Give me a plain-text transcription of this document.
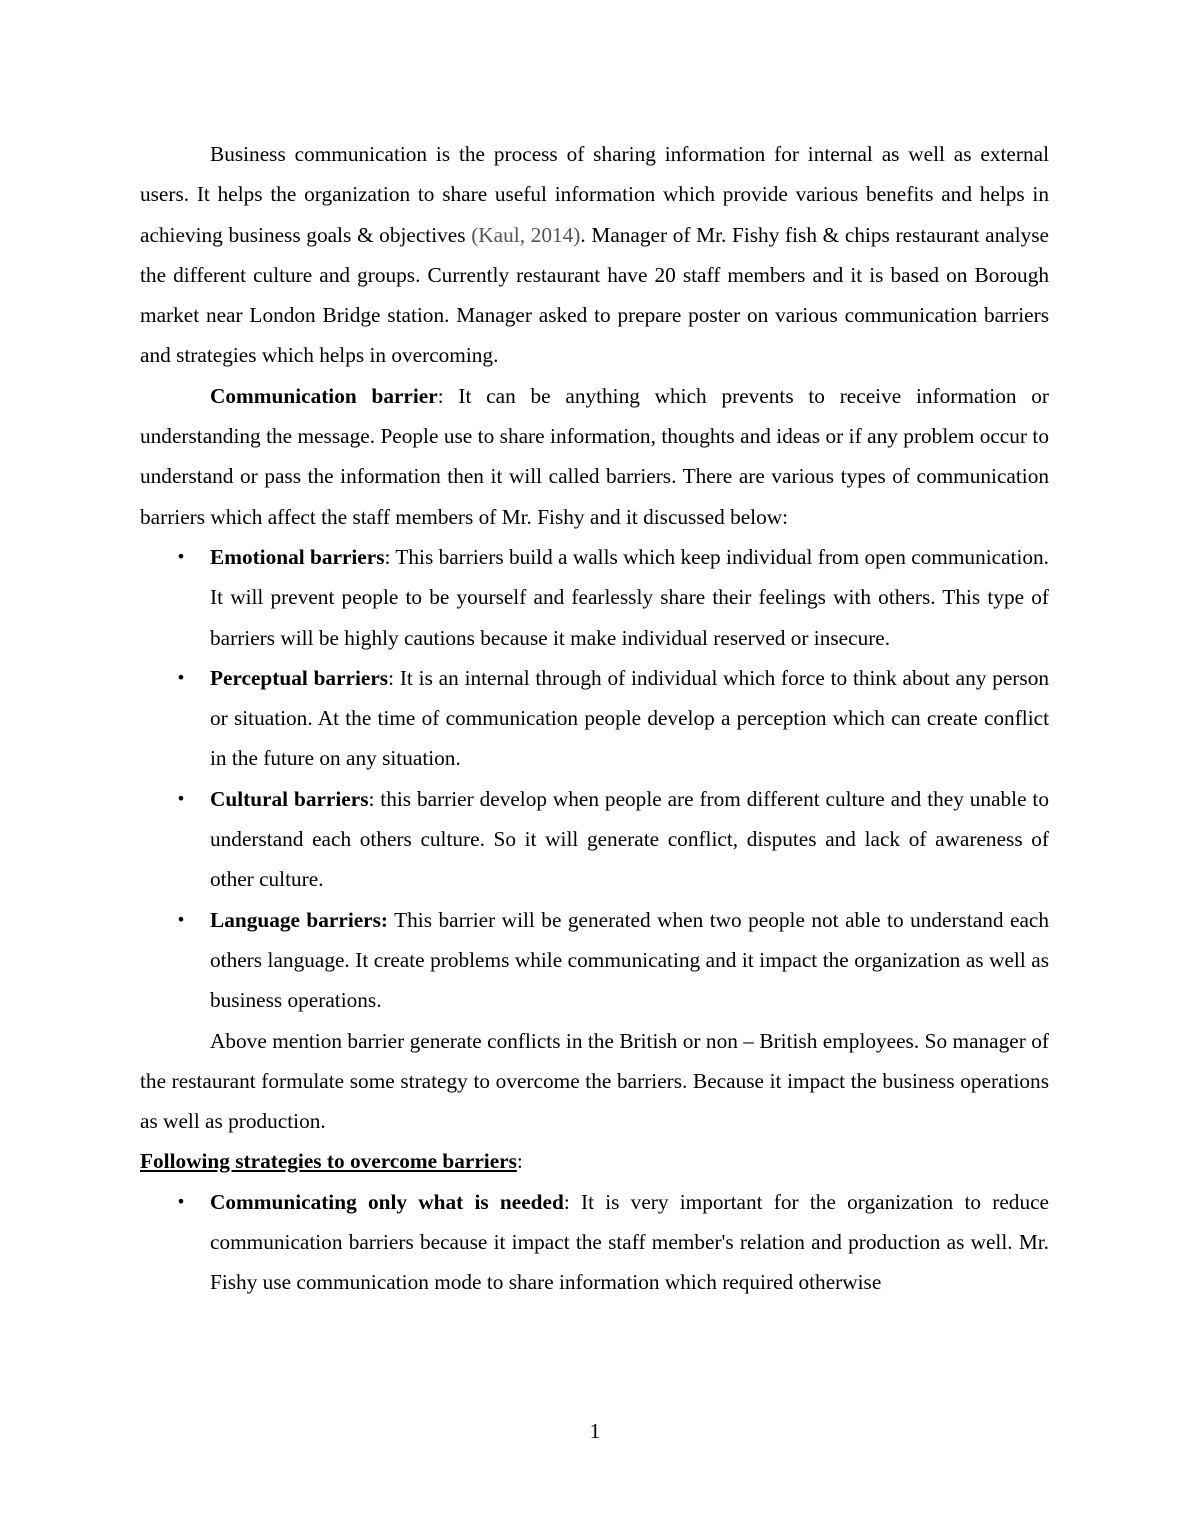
Business communication is the process of sharing information for internal as well as external users. It helps the organization to share useful information which provide various benefits and helps in achieving business goals & objectives (Kaul, 2014). Manager of Mr. Fishy fish & chips restaurant analyse the different culture and groups. Currently restaurant have 20 staff members and it is based on Borough market near London Bridge station. Manager asked to prepare poster on various communication barriers and strategies which helps in overcoming.

Communication barrier: It can be anything which prevents to receive information or understanding the message. People use to share information, thoughts and ideas or if any problem occur to understand or pass the information then it will called barriers. There are various types of communication barriers which affect the staff members of Mr. Fishy and it discussed below:

• Emotional barriers: This barriers build a walls which keep individual from open communication. It will prevent people to be yourself and fearlessly share their feelings with others. This type of barriers will be highly cautions because it make individual reserved or insecure.
• Perceptual barriers: It is an internal through of individual which force to think about any person or situation. At the time of communication people develop a perception which can create conflict in the future on any situation.
• Cultural barriers: this barrier develop when people are from different culture and they unable to understand each others culture. So it will generate conflict, disputes and lack of awareness of other culture.
• Language barriers: This barrier will be generated when two people not able to understand each others language. It create problems while communicating and it impact the organization as well as business operations.

Above mention barrier generate conflicts in the British or non – British employees. So manager of the restaurant formulate some strategy to overcome the barriers. Because it impact the business operations as well as production.

Following strategies to overcome barriers:

• Communicating only what is needed: It is very important for the organization to reduce communication barriers because it impact the staff member's relation and production as well. Mr. Fishy use communication mode to share information which required otherwise
1
